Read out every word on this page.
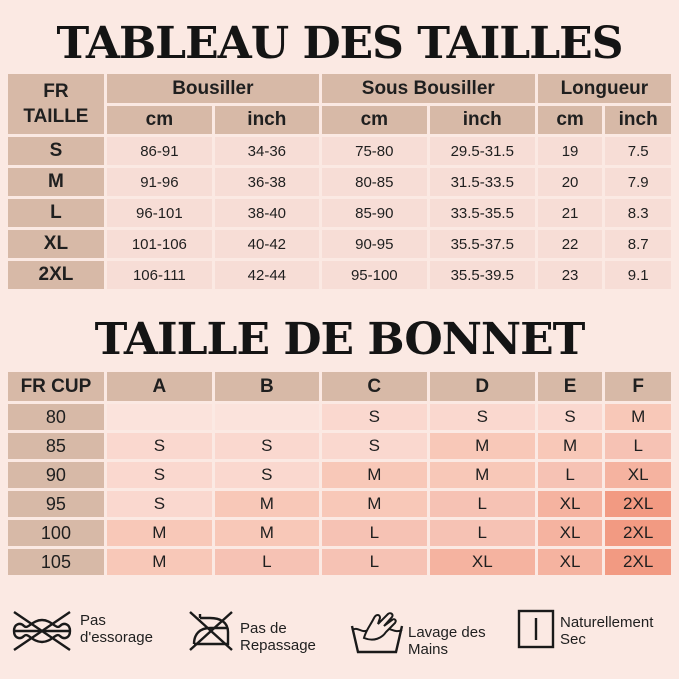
TABLEAU DES TAILLES
FR
TAILLE	Bousiller		Sous Bousiller		Longueur	
	cm	inch	cm	inch	cm	inch
S	86-91	34-36	75-80	29.5-31.5	19	7.5
M	91-96	36-38	80-85	31.5-33.5	20	7.9
L	96-101	38-40	85-90	33.5-35.5	21	8.3
XL	101-106	40-42	90-95	35.5-37.5	22	8.7
2XL	106-111	42-44	95-100	35.5-39.5	23	9.1
TAILLE DE BONNET
FR CUP	A	B	C	D	E	F
80			S	S	S	M
85	S	S	S	M	M	L
90	S	S	M	M	L	XL
95	S	M	M	L	XL	2XL
100	M	M	L	L	XL	2XL
105	M	L	L	XL	XL	2XL
Pas
d'essorage
Pas de
Repassage
Lavage des
Mains
Naturellement
Sec
